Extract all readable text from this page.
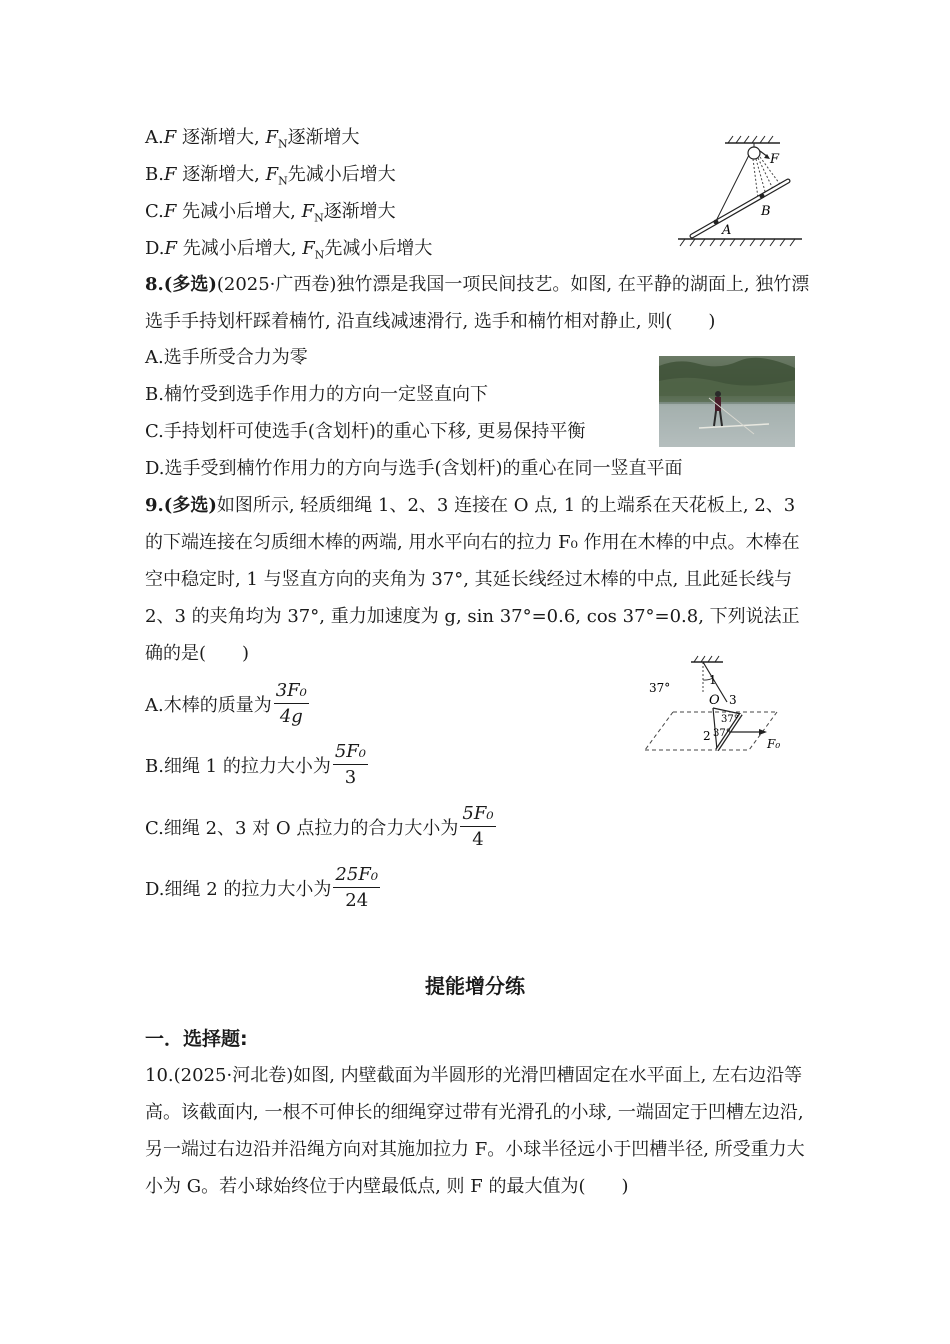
A.F 逐渐增大, $F_N$逐渐增大
B.F 逐渐增大, $F_N$先减小后增大
C.F 先减小后增大, $F_N$逐渐增大
D.F 先减小后增大, $F_N$先减小后增大
F
A
B
8.(多选)(2025·广西卷)独竹漂是我国一项民间技艺。如图, 在平静的湖面上, 独竹漂选手手持划杆踩着楠竹, 沿直线减速滑行, 选手和楠竹相对静止, 则(　　)
A.选手所受合力为零
B.楠竹受到选手作用力的方向一定竖直向下
C.手持划杆可使选手(含划杆)的重心下移, 更易保持平衡
D.选手受到楠竹作用力的方向与选手(含划杆)的重心在同一竖直平面
9.(多选)如图所示, 轻质细绳 1、2、3 连接在 O 点, 1 的上端系在天花板上, 2、3 的下端连接在匀质细木棒的两端, 用水平向右的拉力 F₀ 作用在木棒的中点。木棒在空中稳定时, 1 与竖直方向的夹角为 37°, 其延长线经过木棒的中点, 且此延长线与 2、3 的夹角均为 37°, 重力加速度为 g, sin 37°=0.6, cos 37°=0.8, 下列说法正确的是(　　)
A.木棒的质量为 $\frac{\text{3F₀}}{4g}$
B.细绳 1 的拉力大小为 $\frac{\text{5F₀}}{3}$
C.细绳 2、3 对 O 点拉力的合力大小为 $\frac{\text{5F₀}}{4}$
D.细绳 2 的拉力大小为 $\frac{\text{25F₀}}{24}$
37°
1
O 3
37°
37°
2
F₀
提能增分练
一．选择题:
10.(2025·河北卷)如图, 内壁截面为半圆形的光滑凹槽固定在水平面上, 左右边沿等高。该截面内, 一根不可伸长的细绳穿过带有光滑孔的小球, 一端固定于凹槽左边沿, 另一端过右边沿并沿绳方向对其施加拉力 F。小球半径远小于凹槽半径, 所受重力大小为 G。若小球始终位于内壁最低点, 则 F 的最大值为(　　)
